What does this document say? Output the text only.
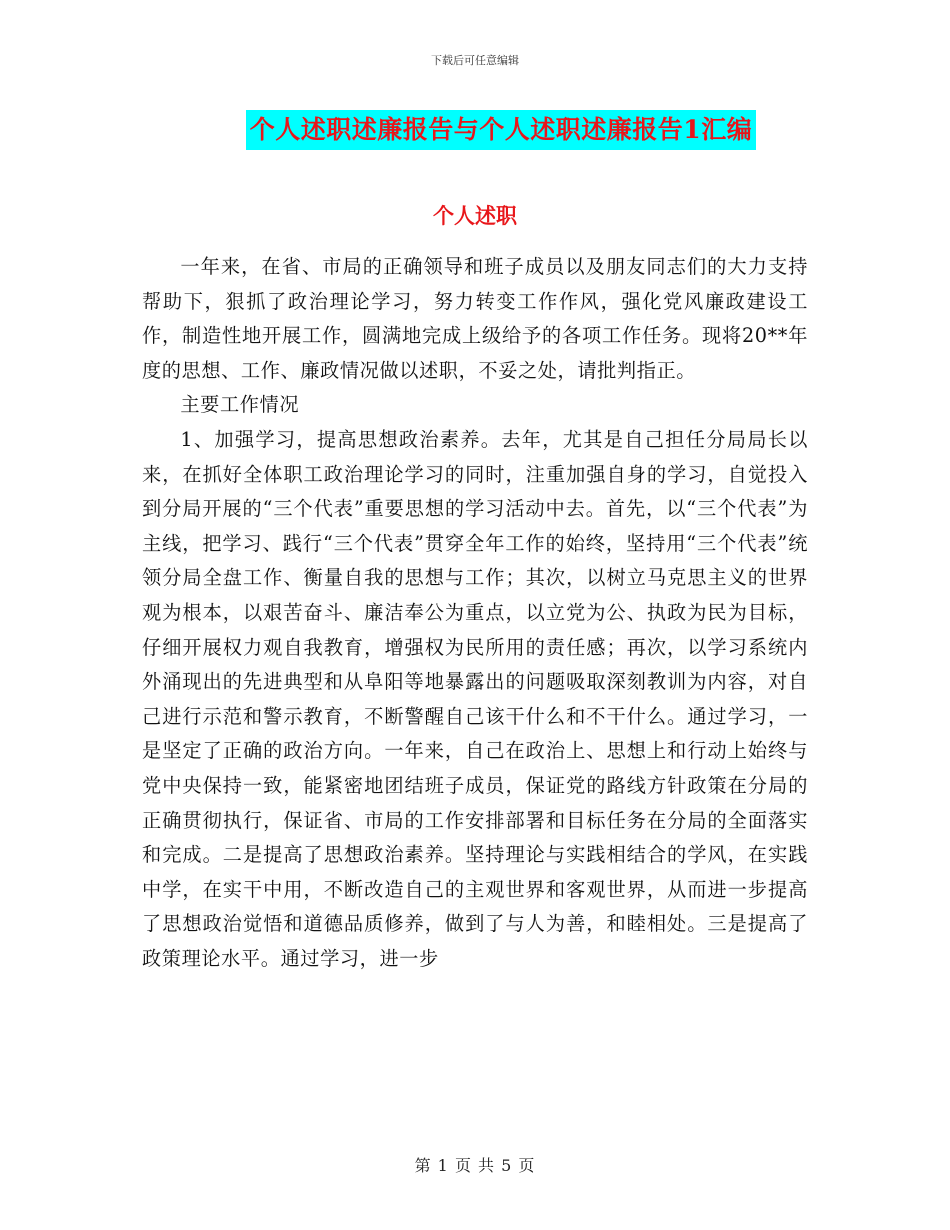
下载后可任意编辑
个人述职述廉报告与个人述职述廉报告1汇编
个人述职

一年来，在省、市局的正确领导和班子成员以及朋友同志们的大力支持帮助下，狠抓了政治理论学习，努力转变工作作风，强化党风廉政建设工作，制造性地开展工作，圆满地完成上级给予的各项工作任务。现将20**年度的思想、工作、廉政情况做以述职，不妥之处，请批判指正。

主要工作情况

1、加强学习，提高思想政治素养。去年，尤其是自己担任分局局长以来，在抓好全体职工政治理论学习的同时，注重加强自身的学习，自觉投入到分局开展的“三个代表”重要思想的学习活动中去。首先，以“三个代表”为主线，把学习、践行“三个代表”贯穿全年工作的始终，坚持用“三个代表”统领分局全盘工作、衡量自我的思想与工作；其次，以树立马克思主义的世界观为根本，以艰苦奋斗、廉洁奉公为重点，以立党为公、执政为民为目标，仔细开展权力观自我教育，增强权为民所用的责任感；再次，以学习系统内外涌现出的先进典型和从阜阳等地暴露出的问题吸取深刻教训为内容，对自己进行示范和警示教育，不断警醒自己该干什么和不干什么。通过学习，一是坚定了正确的政治方向。一年来，自己在政治上、思想上和行动上始终与党中央保持一致，能紧密地团结班子成员，保证党的路线方针政策在分局的正确贯彻执行，保证省、市局的工作安排部署和目标任务在分局的全面落实和完成。二是提高了思想政治素养。坚持理论与实践相结合的学风，在实践中学，在实干中用，不断改造自己的主观世界和客观世界，从而进一步提高了思想政治觉悟和道德品质修养，做到了与人为善，和睦相处。三是提高了政策理论水平。通过学习，进一步

第 1 页 共 5 页
